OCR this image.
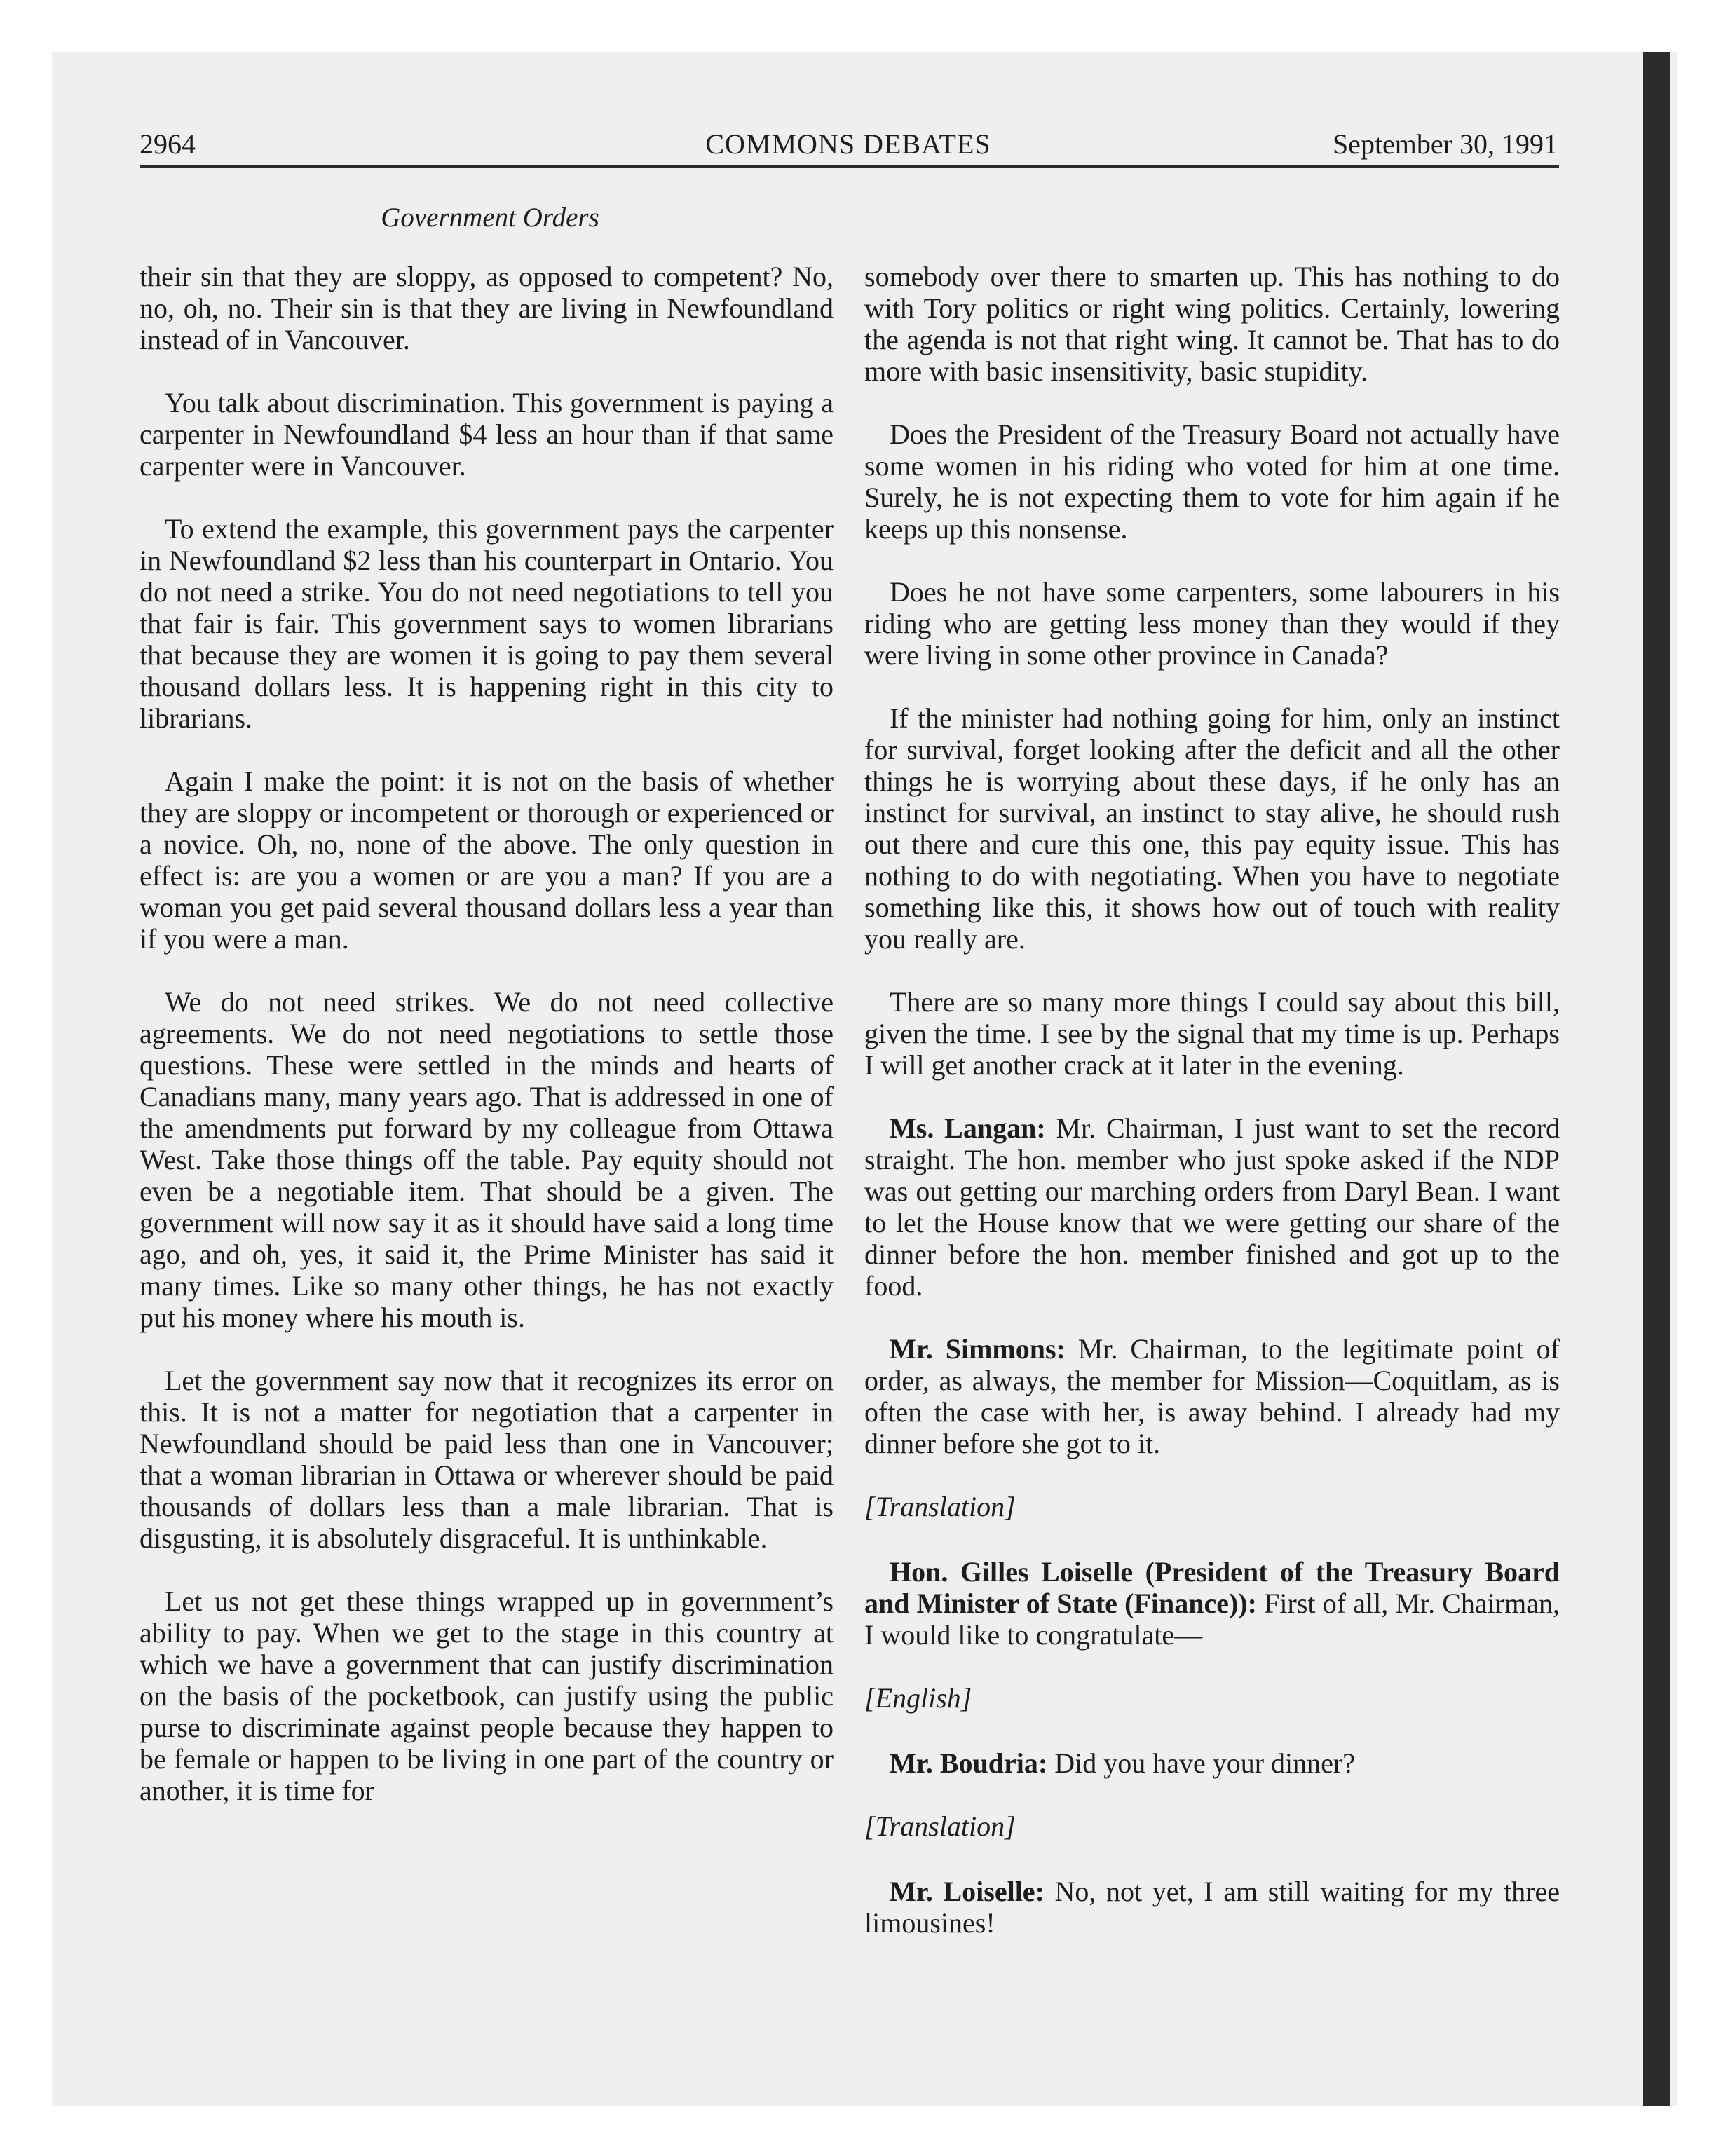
2964	COMMONS DEBATES	September 30, 1991
Government Orders

their sin that they are sloppy, as opposed to competent? No, no, oh, no. Their sin is that they are living in Newfoundland instead of in Vancouver.

You talk about discrimination. This government is paying a carpenter in Newfoundland $4 less an hour than if that same carpenter were in Vancouver.

To extend the example, this government pays the carpenter in Newfoundland $2 less than his counterpart in Ontario. You do not need a strike. You do not need negotiations to tell you that fair is fair. This government says to women librarians that because they are women it is going to pay them several thousand dollars less. It is happening right in this city to librarians.

Again I make the point: it is not on the basis of whether they are sloppy or incompetent or thorough or experienced or a novice. Oh, no, none of the above. The only question in effect is: are you a women or are you a man? If you are a woman you get paid several thousand dollars less a year than if you were a man.

We do not need strikes. We do not need collective agreements. We do not need negotiations to settle those questions. These were settled in the minds and hearts of Canadians many, many years ago. That is addressed in one of the amendments put forward by my colleague from Ottawa West. Take those things off the table. Pay equity should not even be a negotiable item. That should be a given. The government will now say it as it should have said a long time ago, and oh, yes, it said it, the Prime Minister has said it many times. Like so many other things, he has not exactly put his money where his mouth is.

Let the government say now that it recognizes its error on this. It is not a matter for negotiation that a carpenter in Newfoundland should be paid less than one in Vancouver; that a woman librarian in Ottawa or wherever should be paid thousands of dollars less than a male librarian. That is disgusting, it is absolutely disgraceful. It is unthinkable.

Let us not get these things wrapped up in government’s ability to pay. When we get to the stage in this country at which we have a government that can justify discrimination on the basis of the pocketbook, can justify using the public purse to discriminate against people because they happen to be female or happen to be living in one part of the country or another, it is time for

somebody over there to smarten up. This has nothing to do with Tory politics or right wing politics. Certainly, lowering the agenda is not that right wing. It cannot be. That has to do more with basic insensitivity, basic stupidity.

Does the President of the Treasury Board not actually have some women in his riding who voted for him at one time. Surely, he is not expecting them to vote for him again if he keeps up this nonsense.

Does he not have some carpenters, some labourers in his riding who are getting less money than they would if they were living in some other province in Canada?

If the minister had nothing going for him, only an instinct for survival, forget looking after the deficit and all the other things he is worrying about these days, if he only has an instinct for survival, an instinct to stay alive, he should rush out there and cure this one, this pay equity issue. This has nothing to do with negotiating. When you have to negotiate something like this, it shows how out of touch with reality you really are.

There are so many more things I could say about this bill, given the time. I see by the signal that my time is up. Perhaps I will get another crack at it later in the evening.

Ms. Langan: Mr. Chairman, I just want to set the record straight. The hon. member who just spoke asked if the NDP was out getting our marching orders from Daryl Bean. I want to let the House know that we were getting our share of the dinner before the hon. member finished and got up to the food.

Mr. Simmons: Mr. Chairman, to the legitimate point of order, as always, the member for Mission—Coquitlam, as is often the case with her, is away behind. I already had my dinner before she got to it.

[Translation]

Hon. Gilles Loiselle (President of the Treasury Board and Minister of State (Finance)): First of all, Mr. Chairman, I would like to congratulate—

[English]

Mr. Boudria: Did you have your dinner?

[Translation]

Mr. Loiselle: No, not yet, I am still waiting for my three limousines!
